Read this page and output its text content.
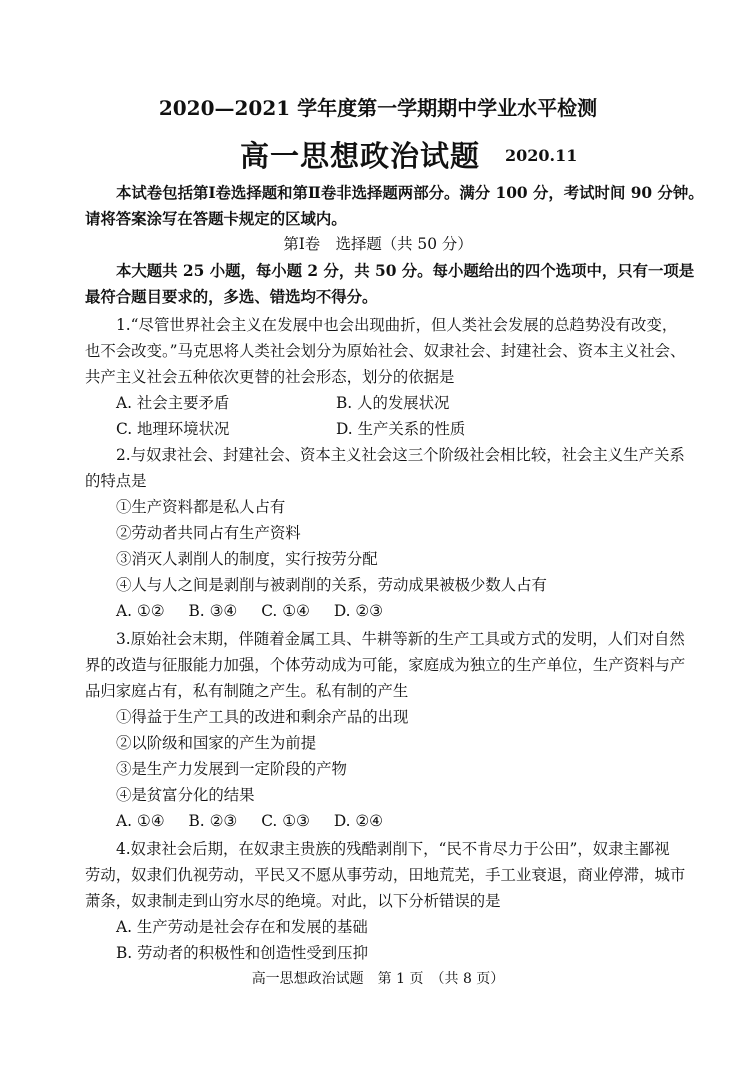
2020—2021 学年度第一学期期中学业水平检测
高一思想政治试题 2020.11
本试卷包括第Ⅰ卷选择题和第Ⅱ卷非选择题两部分。满分 100 分，考试时间 90 分钟。
请将答案涂写在答题卡规定的区域内。
第Ⅰ卷　选择题（共 50 分）
本大题共 25 小题，每小题 2 分，共 50 分。每小题给出的四个选项中，只有一项是
最符合题目要求的，多选、错选均不得分。
1.“尽管世界社会主义在发展中也会出现曲折，但人类社会发展的总趋势没有改变，
也不会改变。”马克思将人类社会划分为原始社会、奴隶社会、封建社会、资本主义社会、
共产主义社会五种依次更替的社会形态，划分的依据是
A. 社会主要矛盾	B. 人的发展状况
C. 地理环境状况	D. 生产关系的性质
2.与奴隶社会、封建社会、资本主义社会这三个阶级社会相比较，社会主义生产关系
的特点是
①生产资料都是私人占有
②劳动者共同占有生产资料
③消灭人剥削人的制度，实行按劳分配
④人与人之间是剥削与被剥削的关系，劳动成果被极少数人占有
A. ①② B. ③④ C. ①④ D. ②③
3.原始社会末期，伴随着金属工具、牛耕等新的生产工具或方式的发明，人们对自然
界的改造与征服能力加强，个体劳动成为可能，家庭成为独立的生产单位，生产资料与产
品归家庭占有，私有制随之产生。私有制的产生
①得益于生产工具的改进和剩余产品的出现
②以阶级和国家的产生为前提
③是生产力发展到一定阶段的产物
④是贫富分化的结果
A. ①④ B. ②③ C. ①③ D. ②④
4.奴隶社会后期，在奴隶主贵族的残酷剥削下，“民不肯尽力于公田”，奴隶主鄙视
劳动，奴隶们仇视劳动，平民又不愿从事劳动，田地荒芜，手工业衰退，商业停滞，城市
萧条，奴隶制走到山穷水尽的绝境。对此，以下分析错误的是
A. 生产劳动是社会存在和发展的基础
B. 劳动者的积极性和创造性受到压抑
高一思想政治试题　第 1 页　（共 8 页）
